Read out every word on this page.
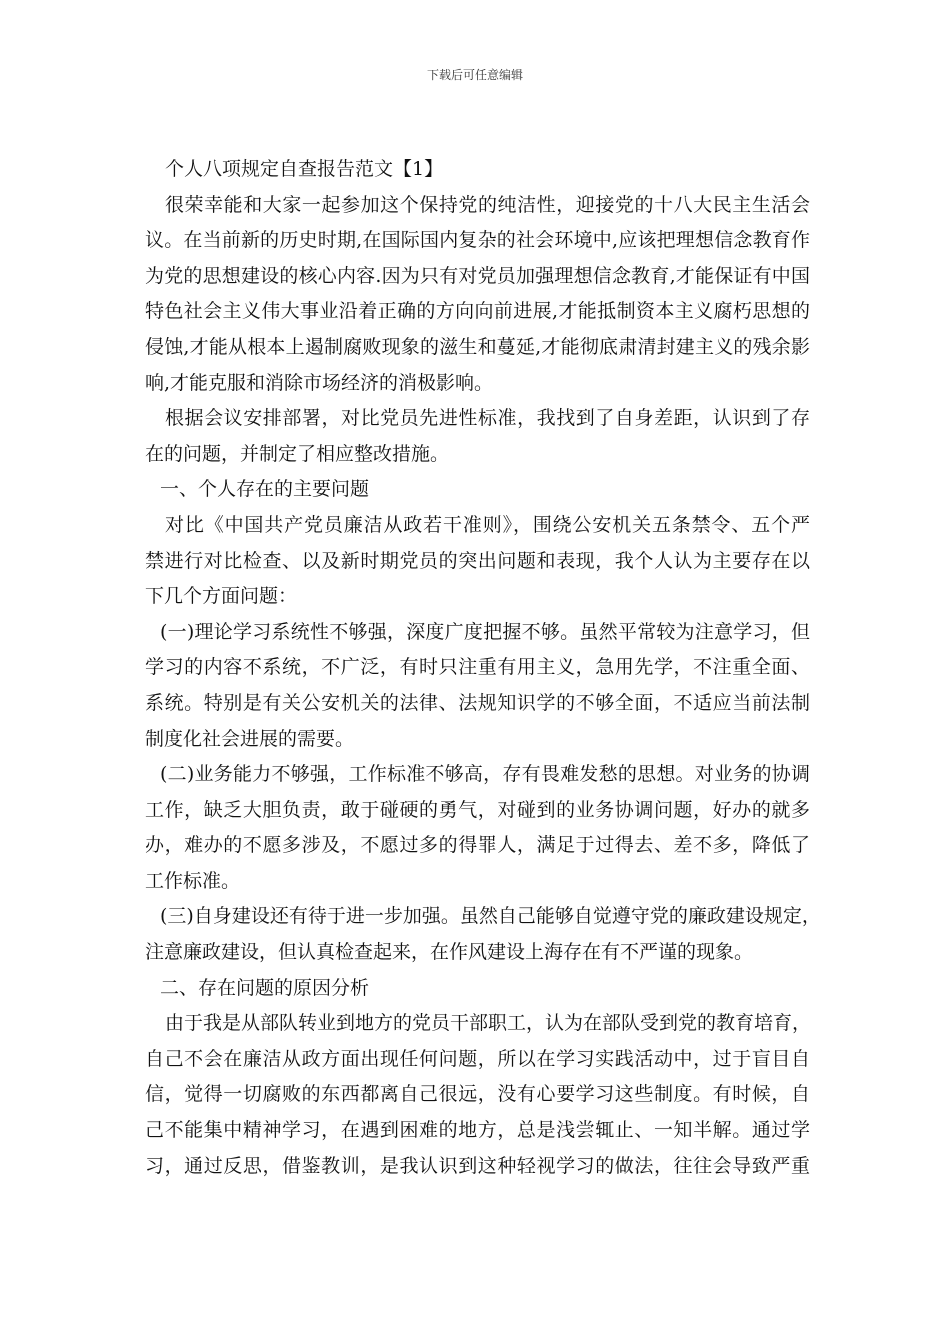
下载后可任意编辑
个人八项规定自查报告范文【1】
很荣幸能和大家一起参加这个保持党的纯洁性，迎接党的十八大民主生活会
议。在当前新的历史时期,在国际国内复杂的社会环境中,应该把理想信念教育作
为党的思想建设的核心内容.因为只有对党员加强理想信念教育,才能保证有中国
特色社会主义伟大事业沿着正确的方向向前进展,才能抵制资本主义腐朽思想的
侵蚀,才能从根本上遏制腐败现象的滋生和蔓延,才能彻底肃清封建主义的残余影
响,才能克服和消除市场经济的消极影响。
根据会议安排部署，对比党员先进性标准，我找到了自身差距，认识到了存
在的问题，并制定了相应整改措施。
一、个人存在的主要问题
对比《中国共产党员廉洁从政若干准则》，围绕公安机关五条禁令、五个严
禁进行对比检查、以及新时期党员的突出问题和表现，我个人认为主要存在以
下几个方面问题：
(一)理论学习系统性不够强，深度广度把握不够。虽然平常较为注意学习，但
学习的内容不系统，不广泛，有时只注重有用主义，急用先学，不注重全面、
系统。特别是有关公安机关的法律、法规知识学的不够全面，不适应当前法制
制度化社会进展的需要。
(二)业务能力不够强，工作标准不够高，存有畏难发愁的思想。对业务的协调
工作，缺乏大胆负责，敢于碰硬的勇气，对碰到的业务协调问题，好办的就多
办，难办的不愿多涉及，不愿过多的得罪人，满足于过得去、差不多，降低了
工作标准。
(三)自身建设还有待于进一步加强。虽然自己能够自觉遵守党的廉政建设规定，
注意廉政建设，但认真检查起来，在作风建设上海存在有不严谨的现象。
二、存在问题的原因分析
由于我是从部队转业到地方的党员干部职工，认为在部队受到党的教育培育，
自己不会在廉洁从政方面出现任何问题，所以在学习实践活动中，过于盲目自
信，觉得一切腐败的东西都离自己很远，没有心要学习这些制度。有时候，自
己不能集中精神学习，在遇到困难的地方，总是浅尝辄止、一知半解。通过学
习，通过反思，借鉴教训，是我认识到这种轻视学习的做法，往往会导致严重
